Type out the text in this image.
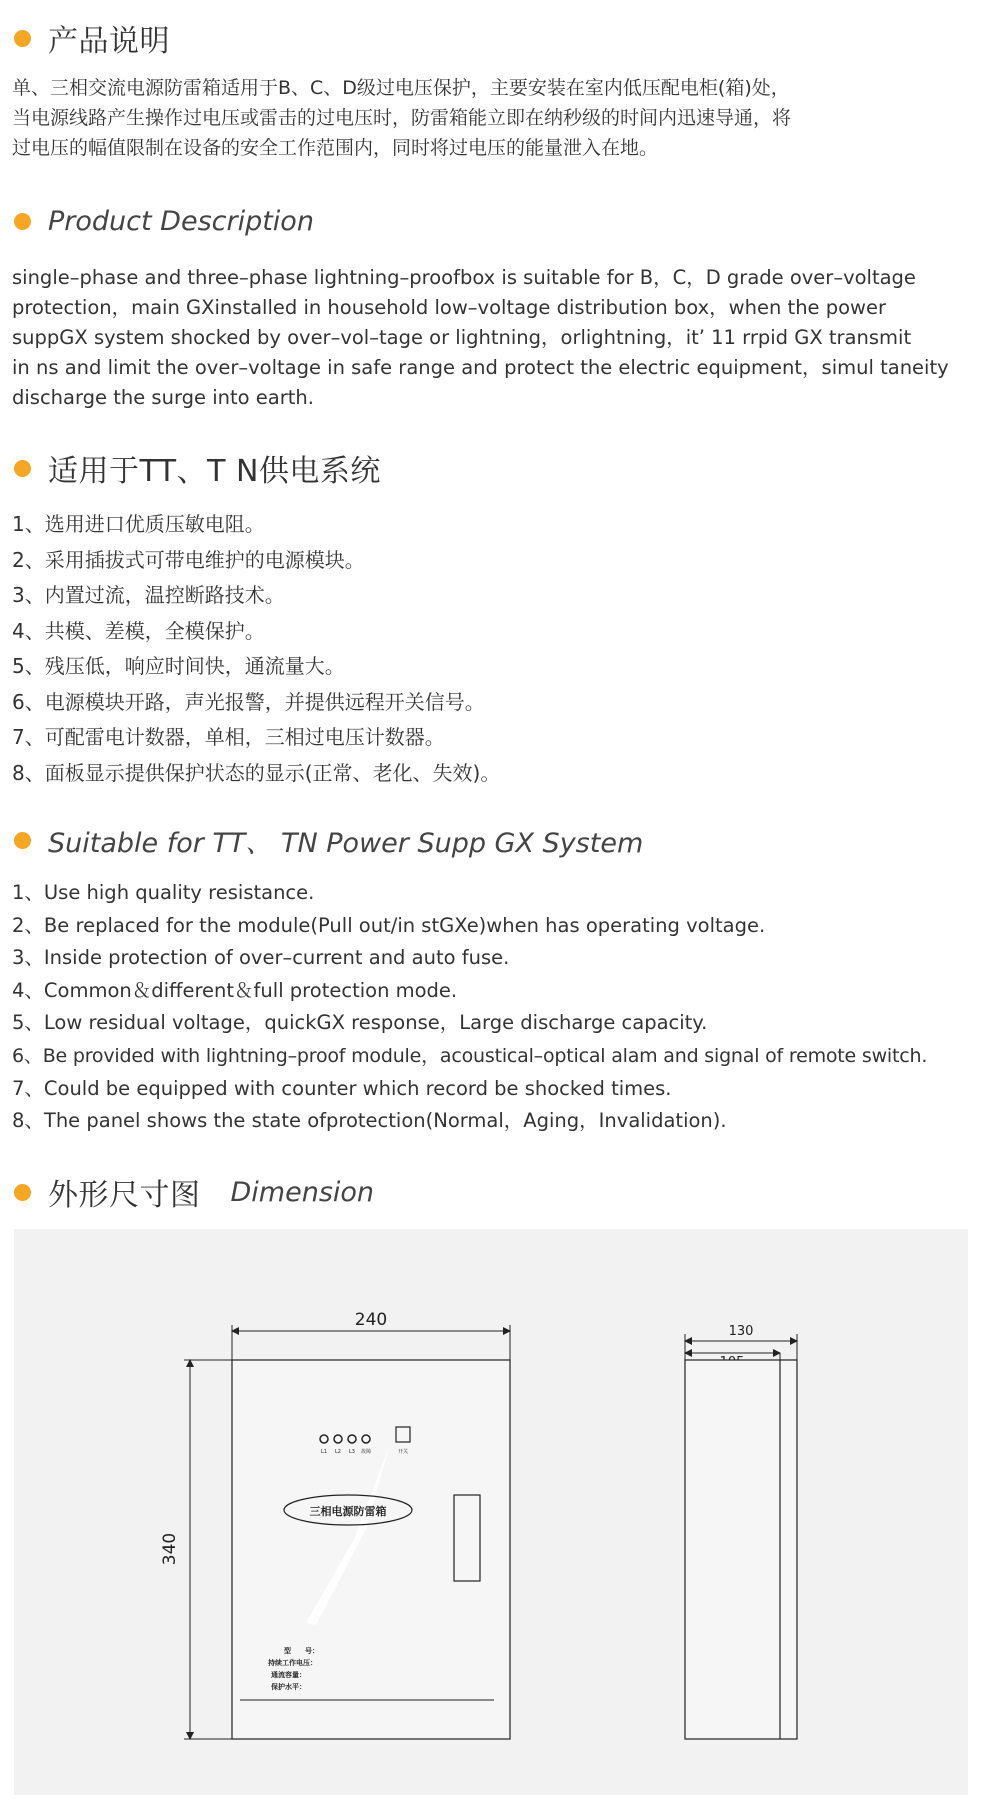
产品说明
单、三相交流电源防雷箱适用于B、C、D级过电压保护，主要安装在室内低压配电柜(箱)处，
当电源线路产生操作过电压或雷击的过电压时，防雷箱能立即在纳秒级的时间内迅速导通，将
过电压的幅值限制在设备的安全工作范围内，同时将过电压的能量泄入在地。
Product Description
single–phase and three–phase lightning–proofbox is suitable for B，C，D grade over–voltage
protection，main GXinstalled in household low–voltage distribution box，when the power
suppGX system shocked by over–vol–tage or lightning，orlightning，it’ 11 rrpid GX transmit
in ns and limit the over–voltage in safe range and protect the electric equipment，simul taneity
discharge the surge into earth.
适用于TT、T N供电系统
1、选用进口优质压敏电阻。
2、采用插拔式可带电维护的电源模块。
3、内置过流，温控断路技术。
4、共模、差模，全模保护。
5、残压低，响应时间快，通流量大。
6、电源模块开路，声光报警，并提供远程开关信号。
7、可配雷电计数器，单相，三相过电压计数器。
8、面板显示提供保护状态的显示(正常、老化、失效)。
Suitable for TT、 TN Power Supp GX System
1、Use high quality resistance.
2、Be replaced for the module(Pull out/in stGXe)when has operating voltage.
3、Inside protection of over–current and auto fuse.
4、Common＆different＆full protection mode.
5、Low residual voltage，quickGX response，Large discharge capacity.
6、Be provided with lightning–proof module，acoustical–optical alam and signal of remote switch.
7、Could be equipped with counter which record be shocked times.
8、The panel shows the state ofprotection(Normal，Aging，Invalidation).
外形尺寸图 Dimension
240
340
L1 L2 L3 故障	开关
三相电源防雷箱
型　　号：
持续工作电压：
通流容量：
保护水平：
130
